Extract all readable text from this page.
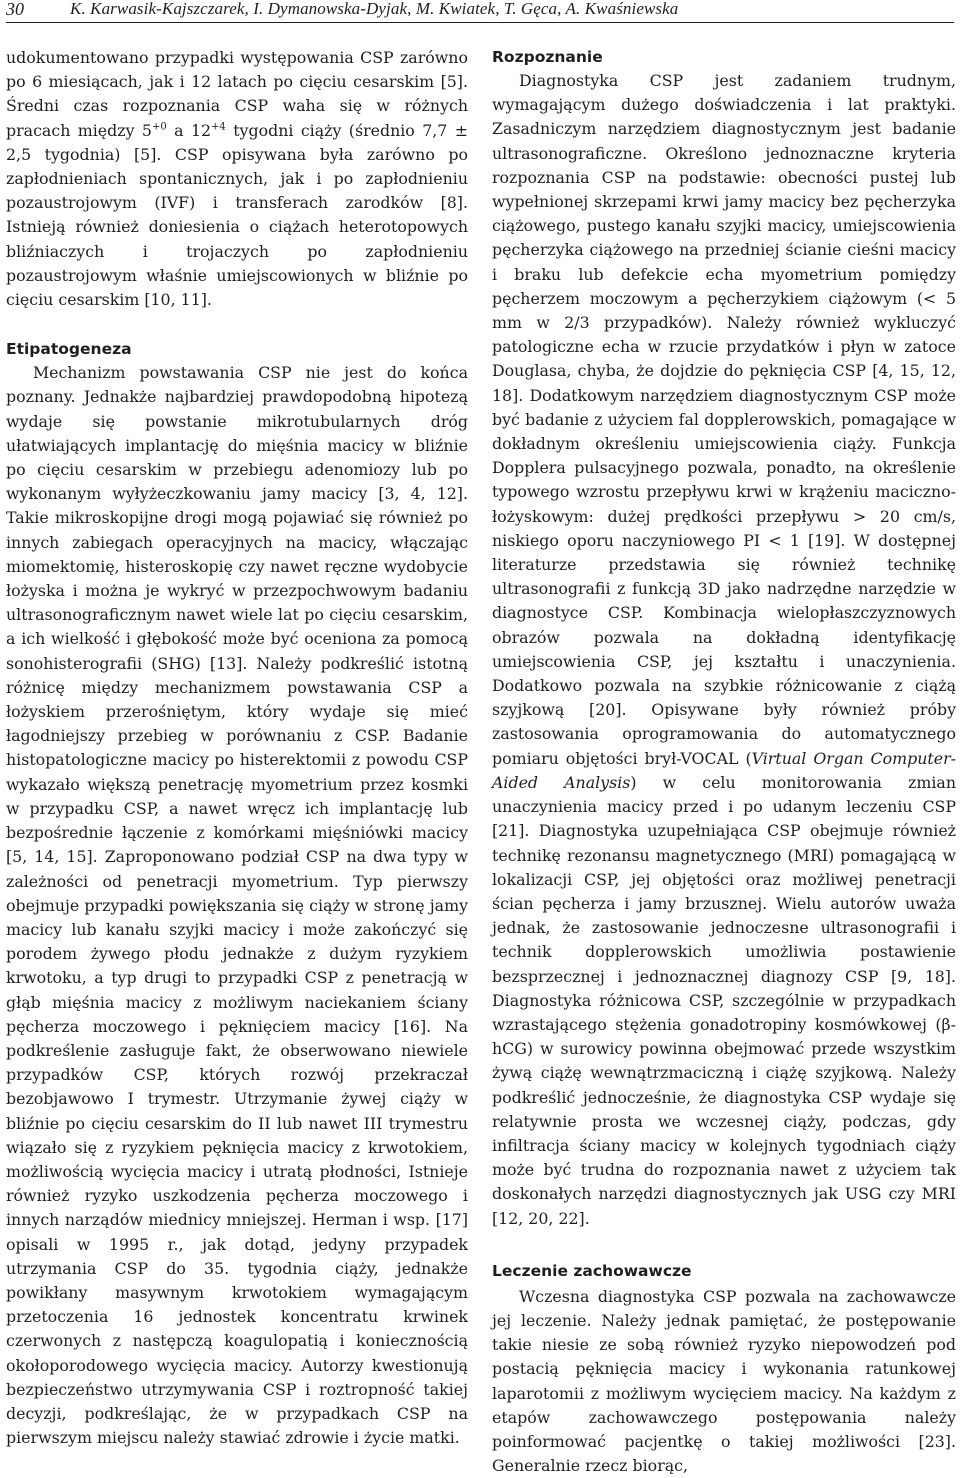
30	K. Karwasik-Kajszczarek, I. Dymanowska-Dyjak, M. Kwiatek, T. Gęca, A. Kwaśniewska

udokumentowano przypadki występowania CSP zarówno po 6 miesiącach, jak i 12 latach po cięciu cesarskim [5]. Średni czas rozpoznania CSP waha się w różnych pracach między $5^{+0}$ a $12^{+4}$ tygodni ciąży (średnio 7,7 ± 2,5 tygodnia) [5]. CSP opisywana była zarówno po zapłodnieniach spontanicznych, jak i po zapłodnieniu pozaustrojowym (IVF) i transferach zarodków [8]. Istnieją również doniesienia o ciążach heterotopowych bliźniaczych i trojaczych po zapłodnieniu pozaustrojowym właśnie umiejscowionych w bliźnie po cięciu cesarskim [10, 11].

Etipatogeneza

Mechanizm powstawania CSP nie jest do końca poznany. Jednakże najbardziej prawdopodobną hipotezą wydaje się powstanie mikrotubularnych dróg ułatwiających implantację do mięśnia macicy w bliźnie po cięciu cesarskim w przebiegu adenomiozy lub po wykonanym wyłyżeczkowaniu jamy macicy [3, 4, 12]. Takie mikroskopijne drogi mogą pojawiać się również po innych zabiegach operacyjnych na macicy, włączając miomektomię, histeroskopię czy nawet ręczne wydobycie łożyska i można je wykryć w przezpochwowym badaniu ultrasonograficznym nawet wiele lat po cięciu cesarskim, a ich wielkość i głębokość może być oceniona za pomocą sonohisterografii (SHG) [13]. Należy podkreślić istotną różnicę między mechanizmem powstawania CSP a łożyskiem przerośniętym, który wydaje się mieć łagodniejszy przebieg w porównaniu z CSP. Badanie histopatologiczne macicy po histerektomii z powodu CSP wykazało większą penetrację myometrium przez kosmki w przypadku CSP, a nawet wręcz ich implantację lub bezpośrednie łączenie z komórkami mięśniówki macicy [5, 14, 15]. Zaproponowano podział CSP na dwa typy w zależności od penetracji myometrium. Typ pierwszy obejmuje przypadki powiększania się ciąży w stronę jamy macicy lub kanału szyjki macicy i może zakończyć się porodem żywego płodu jednakże z dużym ryzykiem krwotoku, a typ drugi to przypadki CSP z penetracją w głąb mięśnia macicy z możliwym naciekaniem ściany pęcherza moczowego i pęknięciem macicy [16]. Na podkreślenie zasługuje fakt, że obserwowano niewiele przypadków CSP, których rozwój przekraczał bezobjawowo I trymestr. Utrzymanie żywej ciąży w bliźnie po cięciu cesarskim do II lub nawet III trymestru wiązało się z ryzykiem pęknięcia macicy z krwotokiem, możliwością wycięcia macicy i utratą płodności, Istnieje również ryzyko uszkodzenia pęcherza moczowego i innych narządów miednicy mniejszej. Herman i wsp. [17] opisali w 1995 r., jak dotąd, jedyny przypadek utrzymania CSP do 35. tygodnia ciąży, jednakże powikłany masywnym krwotokiem wymagającym przetoczenia 16 jednostek koncentratu krwinek czerwonych z następczą koagulopatią i koniecznością okołoporodowego wycięcia macicy. Autorzy kwestionują bezpieczeństwo utrzymywania CSP i roztropność takiej decyzji, podkreślając, że w przypadkach CSP na pierwszym miejscu należy stawiać zdrowie i życie matki.

Rozpoznanie

Diagnostyka CSP jest zadaniem trudnym, wymagającym dużego doświadczenia i lat praktyki. Zasadniczym narzędziem diagnostycznym jest badanie ultrasonograficzne. Określono jednoznaczne kryteria rozpoznania CSP na podstawie: obecności pustej lub wypełnionej skrzepami krwi jamy macicy bez pęcherzyka ciążowego, pustego kanału szyjki macicy, umiejscowienia pęcherzyka ciążowego na przedniej ścianie cieśni macicy i braku lub defekcie echa myometrium pomiędzy pęcherzem moczowym a pęcherzykiem ciążowym (< 5 mm w 2/3 przypadków). Należy również wykluczyć patologiczne echa w rzucie przydatków i płyn w zatoce Douglasa, chyba, że dojdzie do pęknięcia CSP [4, 15, 12, 18]. Dodatkowym narzędziem diagnostycznym CSP może być badanie z użyciem fal dopplerowskich, pomagające w dokładnym określeniu umiejscowienia ciąży. Funkcja Dopplera pulsacyjnego pozwala, ponadto, na określenie typowego wzrostu przepływu krwi w krążeniu maciczno-łożyskowym: dużej prędkości przepływu > 20 cm/s, niskiego oporu naczyniowego PI < 1 [19]. W dostępnej literaturze przedstawia się również technikę ultrasonografii z funkcją 3D jako nadrzędne narzędzie w diagnostyce CSP. Kombinacja wielopłaszczyznowych obrazów pozwala na dokładną identyfikację umiejscowienia CSP, jej kształtu i unaczynienia. Dodatkowo pozwala na szybkie różnicowanie z ciążą szyjkową [20]. Opisywane były również próby zastosowania oprogramowania do automatycznego pomiaru objętości brył-VOCAL (Virtual Organ Computer-Aided Analysis) w celu monitorowania zmian unaczynienia macicy przed i po udanym leczeniu CSP [21]. Diagnostyka uzupełniająca CSP obejmuje również technikę rezonansu magnetycznego (MRI) pomagającą w lokalizacji CSP, jej objętości oraz możliwej penetracji ścian pęcherza i jamy brzusznej. Wielu autorów uważa jednak, że zastosowanie jednoczesne ultrasonografii i technik dopplerowskich umożliwia postawienie bezsprzecznej i jednoznacznej diagnozy CSP [9, 18]. Diagnostyka różnicowa CSP, szczególnie w przypadkach wzrastającego stężenia gonadotropiny kosmówkowej (β-hCG) w surowicy powinna obejmować przede wszystkim żywą ciążę wewnątrzmaciczną i ciążę szyjkową. Należy podkreślić jednocześnie, że diagnostyka CSP wydaje się relatywnie prosta we wczesnej ciąży, podczas, gdy infiltracja ściany macicy w kolejnych tygodniach ciąży może być trudna do rozpoznania nawet z użyciem tak doskonałych narzędzi diagnostycznych jak USG czy MRI [12, 20, 22].

Leczenie zachowawcze

Wczesna diagnostyka CSP pozwala na zachowawcze jej leczenie. Należy jednak pamiętać, że postępowanie takie niesie ze sobą również ryzyko niepowodzeń pod postacią pęknięcia macicy i wykonania ratunkowej laparotomii z możliwym wycięciem macicy. Na każdym z etapów zachowawczego postępowania należy poinformować pacjentkę o takiej możliwości [23]. Generalnie rzecz biorąc,
